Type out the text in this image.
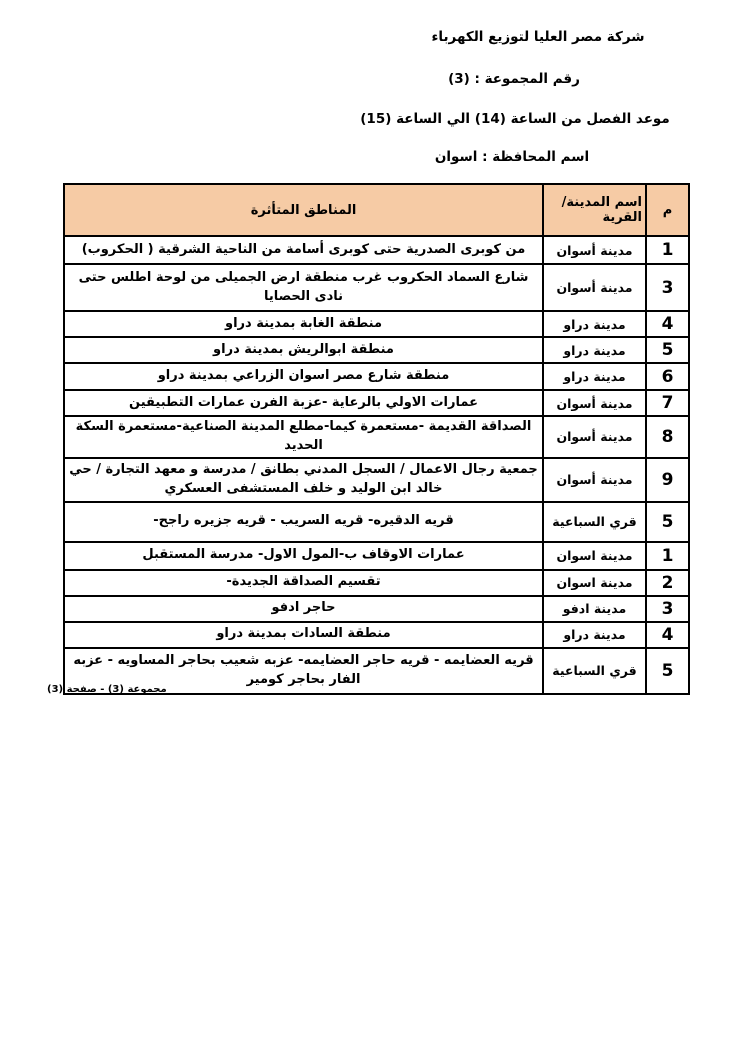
شركة مصر العليا لتوزيع الكهرباء
رقم المجموعة : (3)
موعد الفصل من الساعة (14) الي الساعة (15)
اسم المحافظة : اسوان
م	اسم المدينة/ القرية	المناطق المتأثرة
1	مدينة أسوان	من كوبرى الصدرية حتى كوبرى أسامة من الناحية الشرقية ( الحكروب)
3	مدينة أسوان	شارع السماد الحكروب غرب منطقة ارض الجميلى من لوحة اطلس حتى نادى الحصايا
4	مدينة دراو	منطقة الغابة بمدينة دراو
5	مدينة دراو	منطقة ابوالريش بمدينة دراو
6	مدينة دراو	منطقة شارع مصر اسوان الزراعي بمدينة دراو
7	مدينة أسوان	عمارات الاولي بالرعاية -عزبة الفرن عمارات التطبيقين
8	مدينة أسوان	الصداقة القديمة -مستعمرة كيما-مطلع المدينة الصناعية-مستعمرة السكة الحديد
9	مدينة أسوان	جمعية رجال الاعمال / السجل المدني بطانق / مدرسة و معهد التجارة / حي خالد ابن الوليد و خلف المستشفى العسكري
5	قري السباعية	قريه الدقيره- قريه السريب - قريه جزيره راجح-
1	مدينة اسوان	عمارات الاوقاف ب-المول الاول- مدرسة المستقبل
2	مدينة اسوان	تقسيم الصداقة الجديدة-
3	مدينة ادفو	حاجر ادفو
4	مدينة دراو	منطقة السادات بمدينة دراو
5	قري السباعية	قريه العضايمه - قريه حاجر العضايمه- عزبه شعيب بحاجر المساويه - عزبه الفار بحاجر كومير
مجموعة (3) - صفحة (3)
